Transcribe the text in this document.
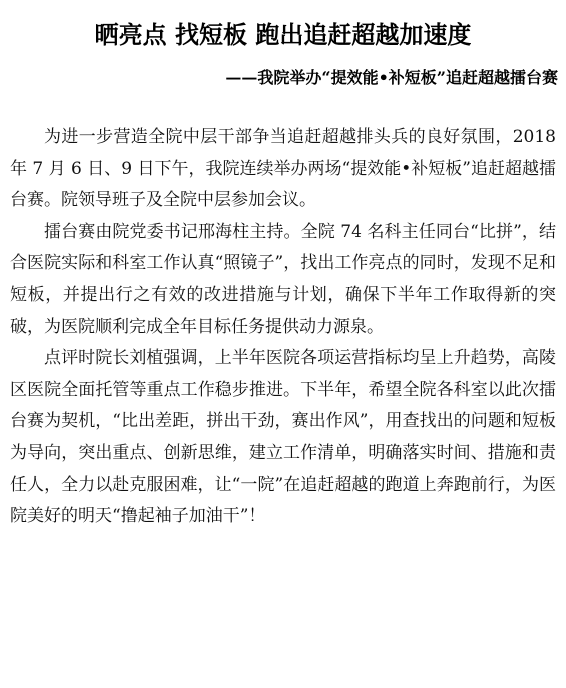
晒亮点 找短板 跑出追赶超越加速度
——我院举办“提效能•补短板”追赶超越擂台赛

为进一步营造全院中层干部争当追赶超越排头兵的良好氛围，2018 年 7 月 6 日、9 日下午，我院连续举办两场“提效能•补短板”追赶超越擂台赛。院领导班子及全院中层参加会议。

擂台赛由院党委书记邢海柱主持。全院 74 名科主任同台“比拼”，结合医院实际和科室工作认真“照镜子”，找出工作亮点的同时，发现不足和短板，并提出行之有效的改进措施与计划，确保下半年工作取得新的突破，为医院顺利完成全年目标任务提供动力源泉。

点评时院长刘植强调，上半年医院各项运营指标均呈上升趋势，高陵区医院全面托管等重点工作稳步推进。下半年，希望全院各科室以此次擂台赛为契机，“比出差距，拼出干劲，赛出作风”，用查找出的问题和短板为导向，突出重点、创新思维，建立工作清单，明确落实时间、措施和责任人，全力以赴克服困难，让“一院”在追赶超越的跑道上奔跑前行，为医院美好的明天“撸起袖子加油干”！
